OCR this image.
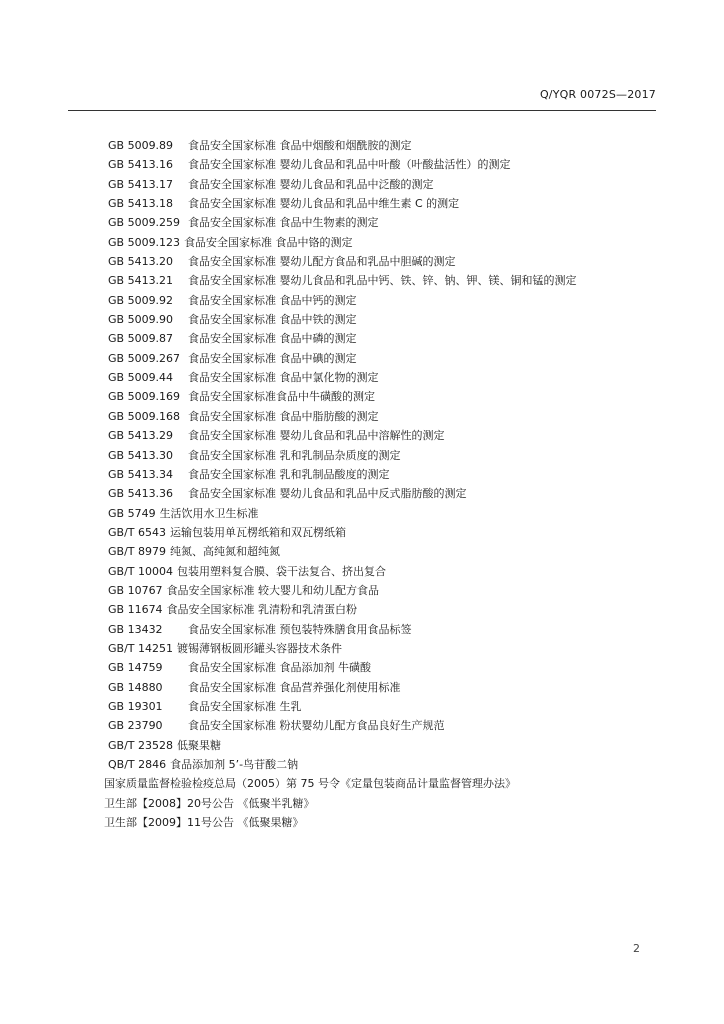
Q/YQR 0072S—2017
GB 5009.89 食品安全国家标准 食品中烟酸和烟酰胺的测定
GB 5413.16 食品安全国家标准 婴幼儿食品和乳品中叶酸（叶酸盐活性）的测定
GB 5413.17 食品安全国家标准 婴幼儿食品和乳品中泛酸的测定
GB 5413.18 食品安全国家标准 婴幼儿食品和乳品中维生素 C 的测定
GB 5009.259 食品安全国家标准 食品中生物素的测定
GB 5009.123 食品安全国家标准 食品中铬的测定
GB 5413.20 食品安全国家标准 婴幼儿配方食品和乳品中胆碱的测定
GB 5413.21 食品安全国家标准 婴幼儿食品和乳品中钙、铁、锌、钠、钾、镁、铜和锰的测定
GB 5009.92 食品安全国家标准 食品中钙的测定
GB 5009.90 食品安全国家标准 食品中铁的测定
GB 5009.87 食品安全国家标准 食品中磷的测定
GB 5009.267 食品安全国家标准 食品中碘的测定
GB 5009.44 食品安全国家标准 食品中氯化物的测定
GB 5009.169 食品安全国家标准食品中牛磺酸的测定
GB 5009.168 食品安全国家标准 食品中脂肪酸的测定
GB 5413.29 食品安全国家标准 婴幼儿食品和乳品中溶解性的测定
GB 5413.30 食品安全国家标准 乳和乳制品杂质度的测定
GB 5413.34 食品安全国家标准 乳和乳制品酸度的测定
GB 5413.36 食品安全国家标准 婴幼儿食品和乳品中反式脂肪酸的测定
GB 5749 生活饮用水卫生标准
GB/T 6543 运输包装用单瓦楞纸箱和双瓦楞纸箱
GB/T 8979 纯氮、高纯氮和超纯氮
GB/T 10004 包装用塑料复合膜、袋干法复合、挤出复合
GB 10767 食品安全国家标准 较大婴儿和幼儿配方食品
GB 11674 食品安全国家标准 乳清粉和乳清蛋白粉
GB 13432 食品安全国家标准 预包装特殊膳食用食品标签
GB/T 14251 镀锡薄钢板圆形罐头容器技术条件
GB 14759 食品安全国家标准 食品添加剂 牛磺酸
GB 14880 食品安全国家标准 食品营养强化剂使用标准
GB 19301 食品安全国家标准 生乳
GB 23790 食品安全国家标准 粉状婴幼儿配方食品良好生产规范
GB/T 23528 低聚果糖
QB/T 2846 食品添加剂 5’-鸟苷酸二钠
国家质量监督检验检疫总局（2005）第 75 号令《定量包装商品计量监督管理办法》
卫生部【2008】20号公告 《低聚半乳糖》
卫生部【2009】11号公告 《低聚果糖》
2
